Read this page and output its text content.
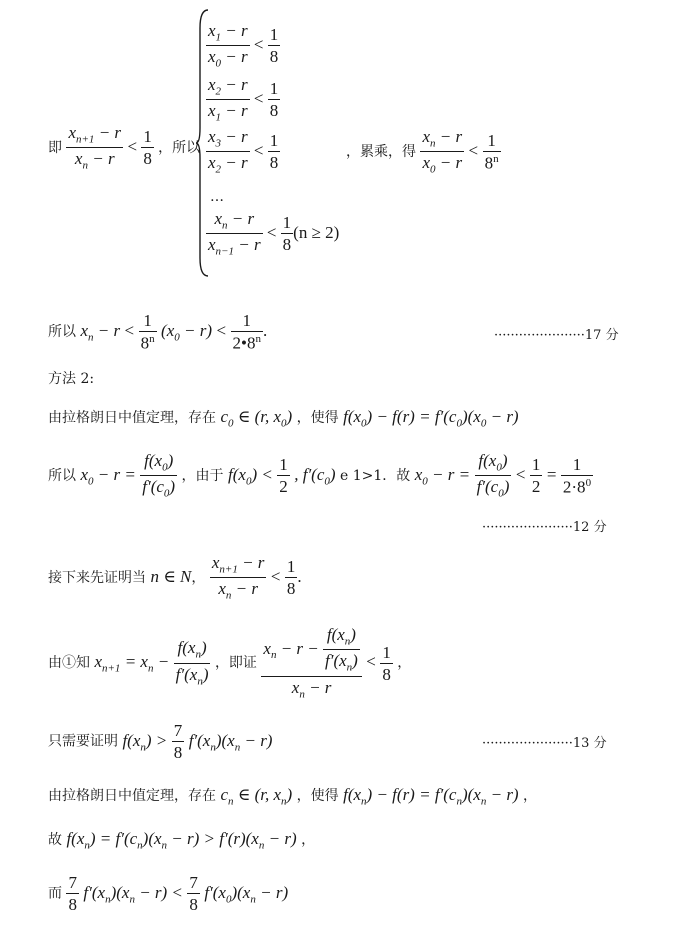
即 $\frac{x_{n+1} - r}{x_n - r} < \frac{1}{8}$ ，所以
$\frac{x_1 - r}{x_0 - r} < \frac{1}{8}$
$\frac{x_2 - r}{x_1 - r} < \frac{1}{8}$
$\frac{x_3 - r}{x_2 - r} < \frac{1}{8}$
…
$\frac{x_n - r}{x_{n-1} - r} < \frac{1}{8} (n \ge 2)$
，累乘，得 $\frac{x_n - r}{x_0 - r} < \frac{1}{8^n}$
所以 $x_n - r < \frac{1}{8^n} (x_0 - r) < \frac{1}{2•8^n}$ .	······················17 分
方法 2:
由拉格朗日中值定理，存在 $c_0$ ∈ (r, $x_0$) ，使得 $f(x_0) - f(r) = f'(c_0)(x_0 - r)$
所以 $x_0 - r = \frac{f(x_0)}{f'(c_0)}$ ，由于 $f(x_0) < \frac{1}{2}$ , $f'(c_0)$ e 1>1．故 $x_0 - r = \frac{f(x_0)}{f'(c_0)} < \frac{1}{2} = \frac{1}{2\cdot 8^0}$
······················12 分
接下来先证明当 n ∈ N， $\frac{x_{n+1} - r}{x_n - r} < \frac{1}{8}$ .
由①知 $x_{n+1} = x_n - \frac{f(x_n)}{f'(x_n)}$ ，即证 $\frac{x_n - r - \frac{f(x_n)}{f'(x_n)}}{x_n - r} < \frac{1}{8}$ ，
只需要证明 $f(x_n) > \frac{7}{8} f'(x_n)(x_n - r)$	······················13 分
由拉格朗日中值定理，存在 $c_n$ ∈ (r, $x_n$) ，使得 $f(x_n) - f(r) = f'(c_n)(x_n - r)$ ，
故 $f(x_n) = f'(c_n)(x_n - r) > f'(r)(x_n - r)$ ，
而 $\frac{7}{8} f'(x_n)(x_n - r) < \frac{7}{8} f'(x_0)(x_n - r)$
